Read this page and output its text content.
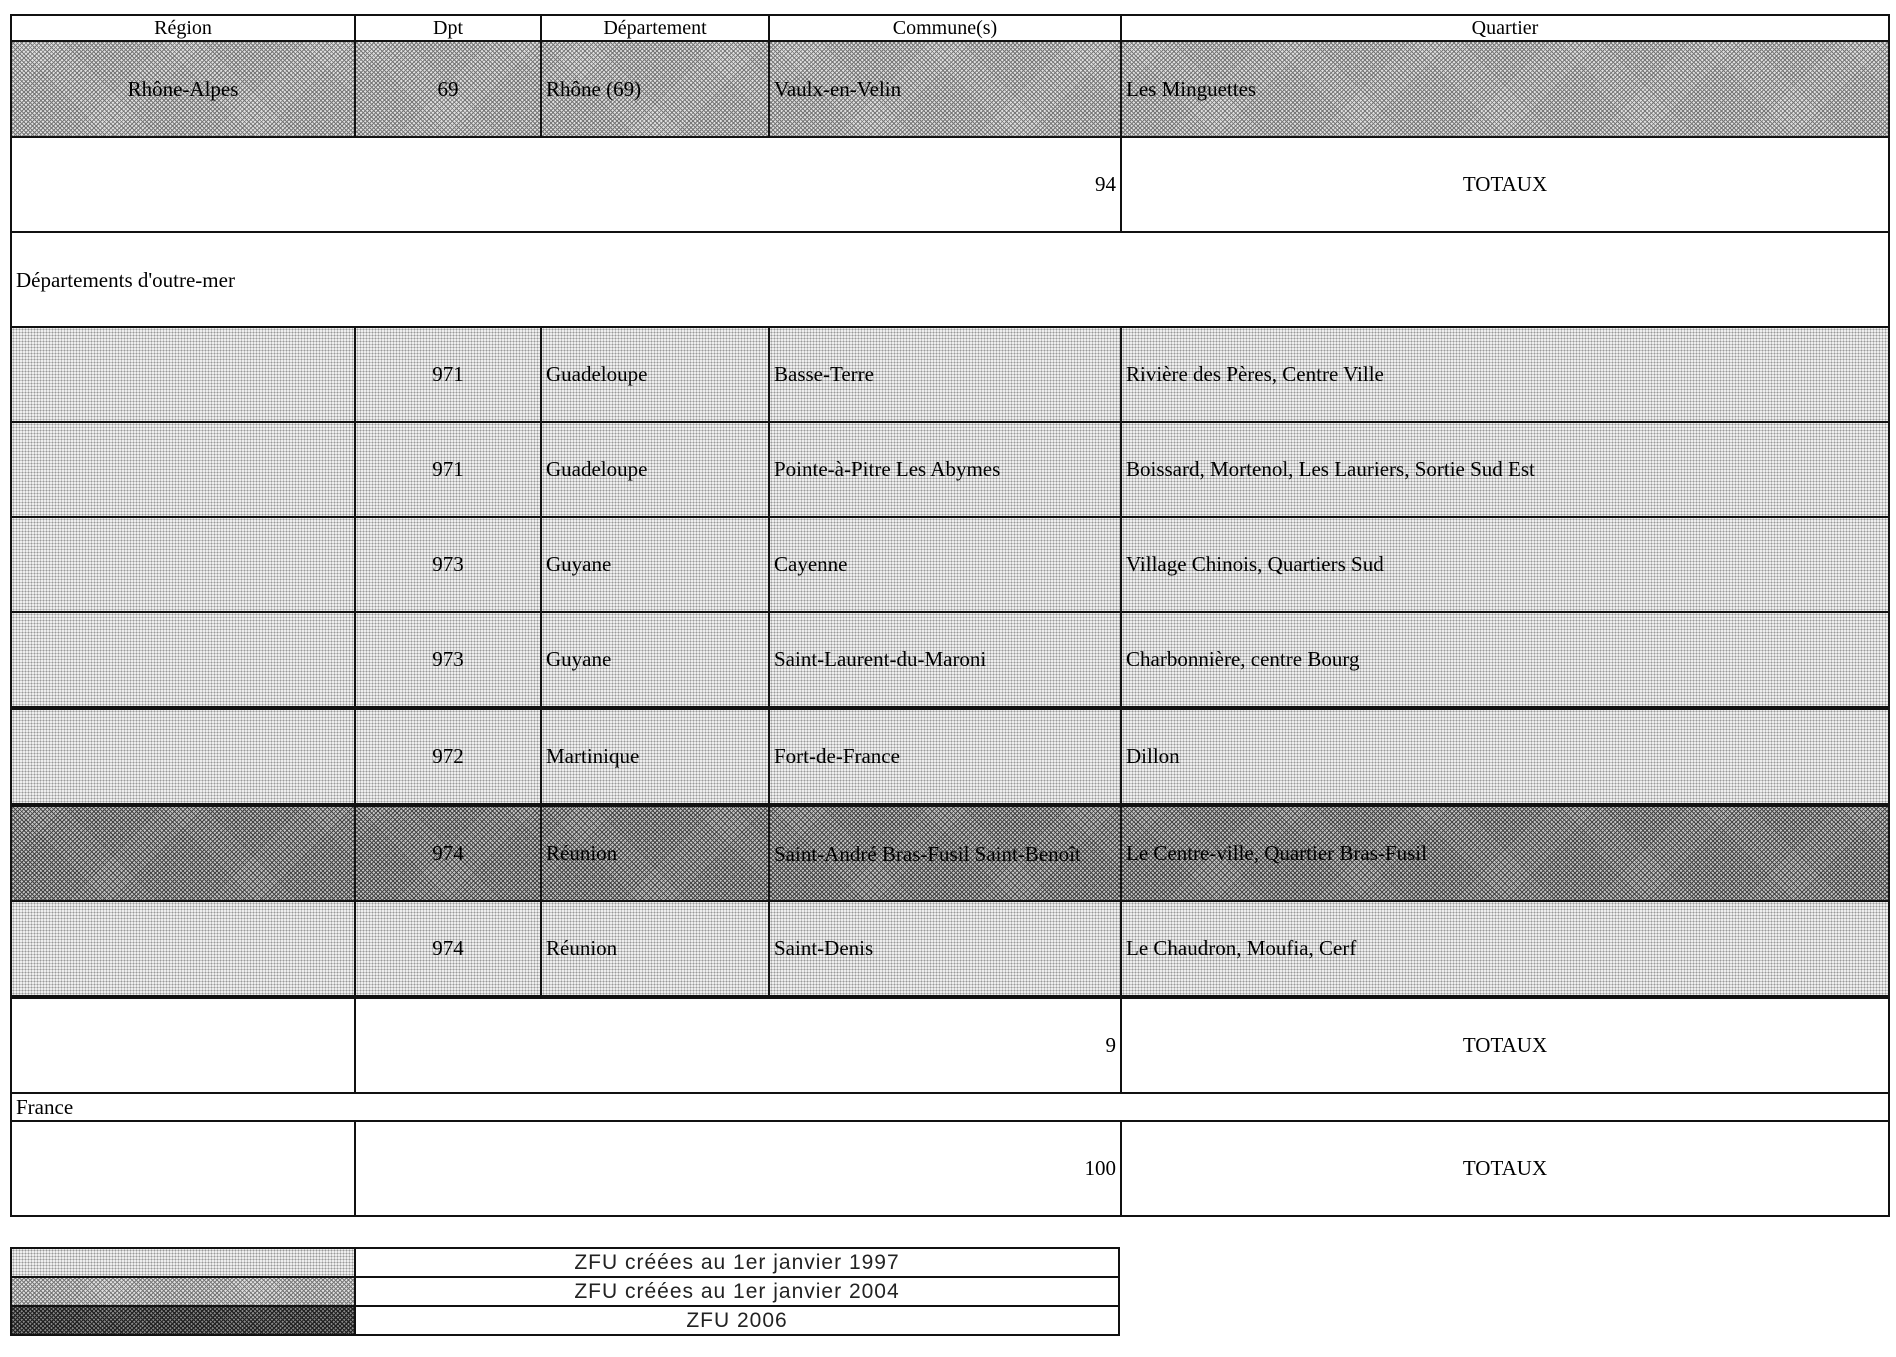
Région	Dpt	Département	Commune(s)	Quartier
Rhône-Alpes	69	Rhône (69)	Vaulx-en-Velin	Les Minguettes
94				TOTAUX

Départements d'outre-mer				

	971	Guadeloupe	Basse-Terre	Rivière des Pères, Centre Ville
	971	Guadeloupe	Pointe-à-Pitre Les Abymes	Boissard, Mortenol, Les Lauriers, Sortie Sud Est
	973	Guyane	Cayenne	Village Chinois, Quartiers Sud
	973	Guyane	Saint-Laurent-du-Maroni	Charbonnière, centre Bourg
	972	Martinique	Fort-de-France	Dillon
	974	Réunion	Saint-André Bras-Fusil Saint-Benoît	Le Centre-ville, Quartier Bras-Fusil
	974	Réunion	Saint-Denis	Le Chaudron, Moufia, Cerf
	9			TOTAUX
France				
	100			TOTAUX
	ZFU créées au 1er janvier 1997
	ZFU créées au 1er janvier 2004
	ZFU 2006
